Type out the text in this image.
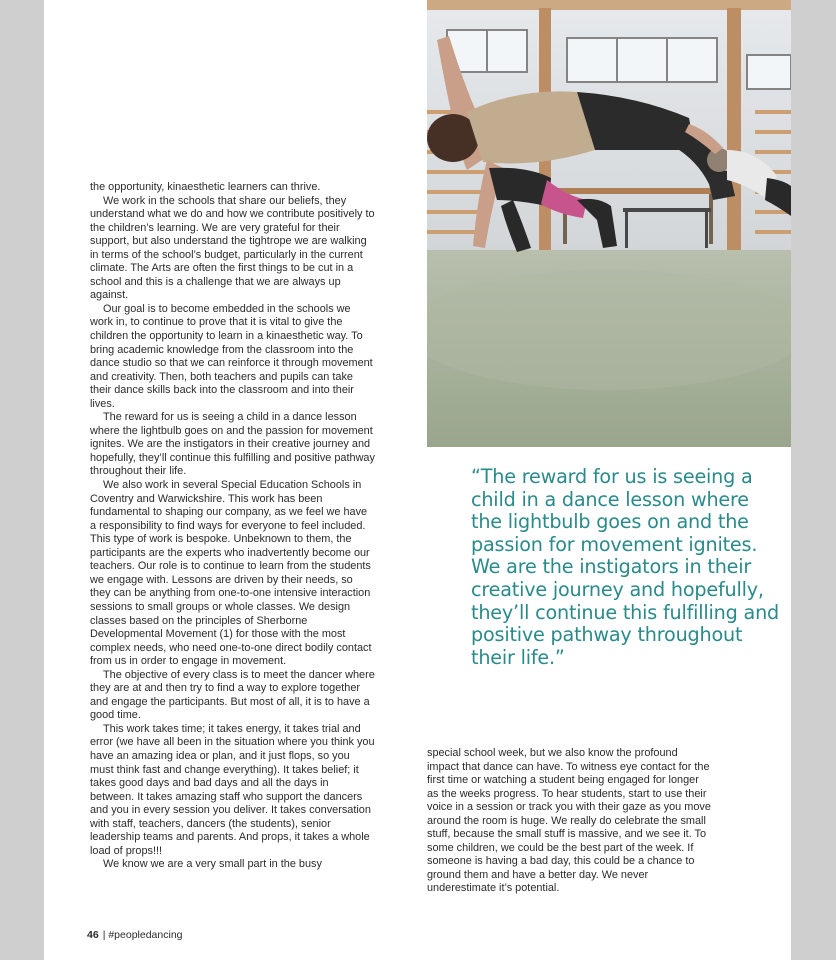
“The reward for us is seeing a child in a dance lesson where the lightbulb goes on and the passion for movement ignites. We are the instigators in their creative journey and hopefully, they’ll continue this fulfilling and positive pathway throughout their life.”

the opportunity, kinaesthetic learners can thrive.

We work in the schools that share our beliefs, they understand what we do and how we contribute positively to the children’s learning. We are very grateful for their support, but also understand the tightrope we are walking in terms of the school’s budget, particularly in the current climate. The Arts are often the first things to be cut in a school and this is a challenge that we are always up against.

Our goal is to become embedded in the schools we work in, to continue to prove that it is vital to give the children the opportunity to learn in a kinaesthetic way. To bring academic knowledge from the classroom into the dance studio so that we can reinforce it through movement and creativity. Then, both teachers and pupils can take their dance skills back into the classroom and into their lives.

The reward for us is seeing a child in a dance lesson where the lightbulb goes on and the passion for movement ignites. We are the instigators in their creative journey and hopefully, they’ll continue this fulfilling and positive pathway throughout their life.

We also work in several Special Education Schools in Coventry and Warwickshire. This work has been fundamental to shaping our company, as we feel we have a responsibility to find ways for everyone to feel included. This type of work is bespoke. Unbeknown to them, the participants are the experts who inadvertently become our teachers. Our role is to continue to learn from the students we engage with. Lessons are driven by their needs, so they can be anything from one-to-one intensive interaction sessions to small groups or whole classes. We design classes based on the principles of Sherborne Developmental Movement (1) for those with the most complex needs, who need one-to-one direct bodily contact from us in order to engage in movement.

The objective of every class is to meet the dancer where they are at and then try to find a way to explore together and engage the participants. But most of all, it is to have a good time.

This work takes time; it takes energy, it takes trial and error (we have all been in the situation where you think you have an amazing idea or plan, and it just flops, so you must think fast and change everything). It takes belief; it takes good days and bad days and all the days in between. It takes amazing staff who support the dancers and you in every session you deliver. It takes conversation with staff, teachers, dancers (the students), senior leadership teams and parents. And props, it takes a whole load of props!!!

We know we are a very small part in the busy

special school week, but we also know the profound impact that dance can have. To witness eye contact for the first time or watching a student being engaged for longer as the weeks progress. To hear students, start to use their voice in a session or track you with their gaze as you move around the room is huge. We really do celebrate the small stuff, because the small stuff is massive, and we see it. To some children, we could be the best part of the week. If someone is having a bad day, this could be a chance to ground them and have a better day. We never underestimate it’s potential.

46 | #peopledancing
